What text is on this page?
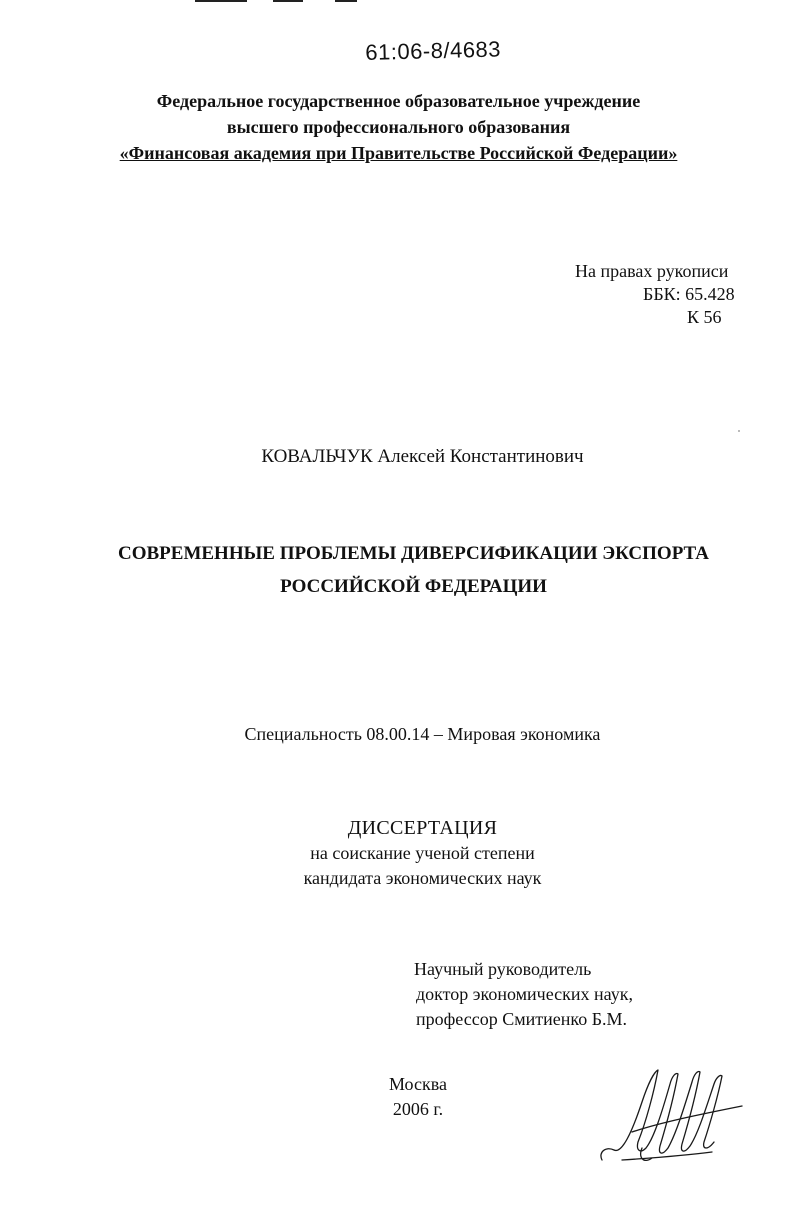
61:06-8/4683
Федеральное государственное образовательное учреждение
высшего профессионального образования
«Финансовая академия при Правительстве Российской Федерации»
На правах рукописи
ББК: 65.428
К 56
КОВАЛЬЧУК Алексей Константинович
СОВРЕМЕННЫЕ ПРОБЛЕМЫ ДИВЕРСИФИКАЦИИ ЭКСПОРТА
РОССИЙСКОЙ ФЕДЕРАЦИИ
Специальность 08.00.14 – Мировая экономика
ДИССЕРТАЦИЯ
на соискание ученой степени
кандидата экономических наук
Научный руководитель
доктор экономических наук,
профессор Смитиенко Б.М.
Москва
2006 г.
